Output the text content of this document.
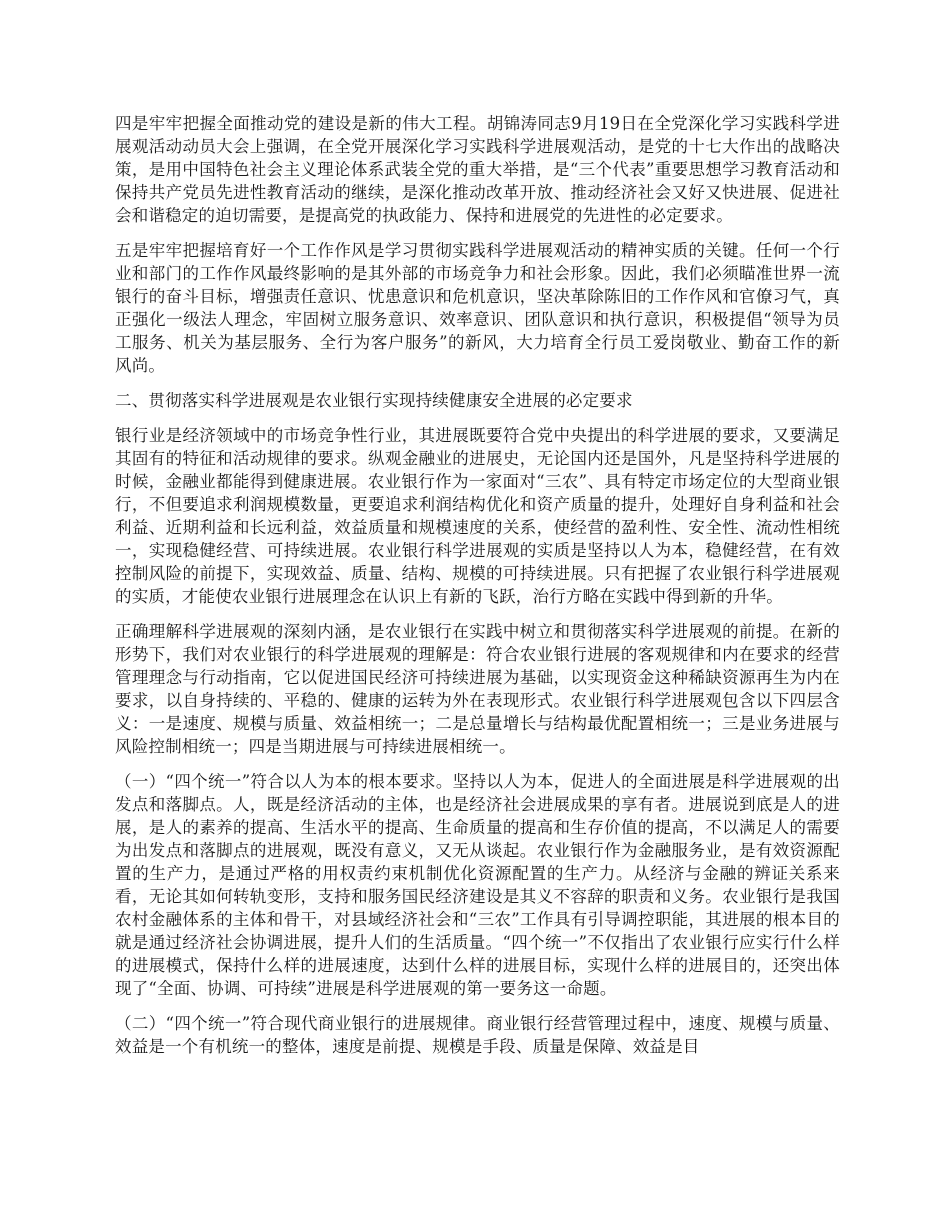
四是牢牢把握全面推动党的建设是新的伟大工程。胡锦涛同志9月19日在全党深化学习实践科学进展观活动动员大会上强调，在全党开展深化学习实践科学进展观活动，是党的十七大作出的战略决策，是用中国特色社会主义理论体系武装全党的重大举措，是“三个代表”重要思想学习教育活动和保持共产党员先进性教育活动的继续，是深化推动改革开放、推动经济社会又好又快进展、促进社会和谐稳定的迫切需要，是提高党的执政能力、保持和进展党的先进性的必定要求。

五是牢牢把握培育好一个工作作风是学习贯彻实践科学进展观活动的精神实质的关键。任何一个行业和部门的工作作风最终影响的是其外部的市场竞争力和社会形象。因此，我们必须瞄准世界一流银行的奋斗目标，增强责任意识、忧患意识和危机意识，坚决革除陈旧的工作作风和官僚习气，真正强化一级法人理念，牢固树立服务意识、效率意识、团队意识和执行意识，积极提倡“领导为员工服务、机关为基层服务、全行为客户服务”的新风，大力培育全行员工爱岗敬业、勤奋工作的新风尚。

二、贯彻落实科学进展观是农业银行实现持续健康安全进展的必定要求

银行业是经济领域中的市场竞争性行业，其进展既要符合党中央提出的科学进展的要求，又要满足其固有的特征和活动规律的要求。纵观金融业的进展史，无论国内还是国外，凡是坚持科学进展的时候，金融业都能得到健康进展。农业银行作为一家面对“三农”、具有特定市场定位的大型商业银行，不但要追求利润规模数量，更要追求利润结构优化和资产质量的提升，处理好自身利益和社会利益、近期利益和长远利益，效益质量和规模速度的关系，使经营的盈利性、安全性、流动性相统一，实现稳健经营、可持续进展。农业银行科学进展观的实质是坚持以人为本，稳健经营，在有效控制风险的前提下，实现效益、质量、结构、规模的可持续进展。只有把握了农业银行科学进展观的实质，才能使农业银行进展理念在认识上有新的飞跃，治行方略在实践中得到新的升华。

正确理解科学进展观的深刻内涵，是农业银行在实践中树立和贯彻落实科学进展观的前提。在新的形势下，我们对农业银行的科学进展观的理解是：符合农业银行进展的客观规律和内在要求的经营管理理念与行动指南，它以促进国民经济可持续进展为基础，以实现资金这种稀缺资源再生为内在要求，以自身持续的、平稳的、健康的运转为外在表现形式。农业银行科学进展观包含以下四层含义：一是速度、规模与质量、效益相统一；二是总量增长与结构最优配置相统一；三是业务进展与风险控制相统一；四是当期进展与可持续进展相统一。

（一）“四个统一”符合以人为本的根本要求。坚持以人为本，促进人的全面进展是科学进展观的出发点和落脚点。人，既是经济活动的主体，也是经济社会进展成果的享有者。进展说到底是人的进展，是人的素养的提高、生活水平的提高、生命质量的提高和生存价值的提高，不以满足人的需要为出发点和落脚点的进展观，既没有意义，又无从谈起。农业银行作为金融服务业，是有效资源配置的生产力，是通过严格的用权责约束机制优化资源配置的生产力。从经济与金融的辨证关系来看，无论其如何转轨变形，支持和服务国民经济建设是其义不容辞的职责和义务。农业银行是我国农村金融体系的主体和骨干，对县域经济社会和“三农”工作具有引导调控职能，其进展的根本目的就是通过经济社会协调进展，提升人们的生活质量。“四个统一”不仅指出了农业银行应实行什么样的进展模式，保持什么样的进展速度，达到什么样的进展目标，实现什么样的进展目的，还突出体现了“全面、协调、可持续”进展是科学进展观的第一要务这一命题。

（二）“四个统一”符合现代商业银行的进展规律。商业银行经营管理过程中，速度、规模与质量、效益是一个有机统一的整体，速度是前提、规模是手段、质量是保障、效益是目
